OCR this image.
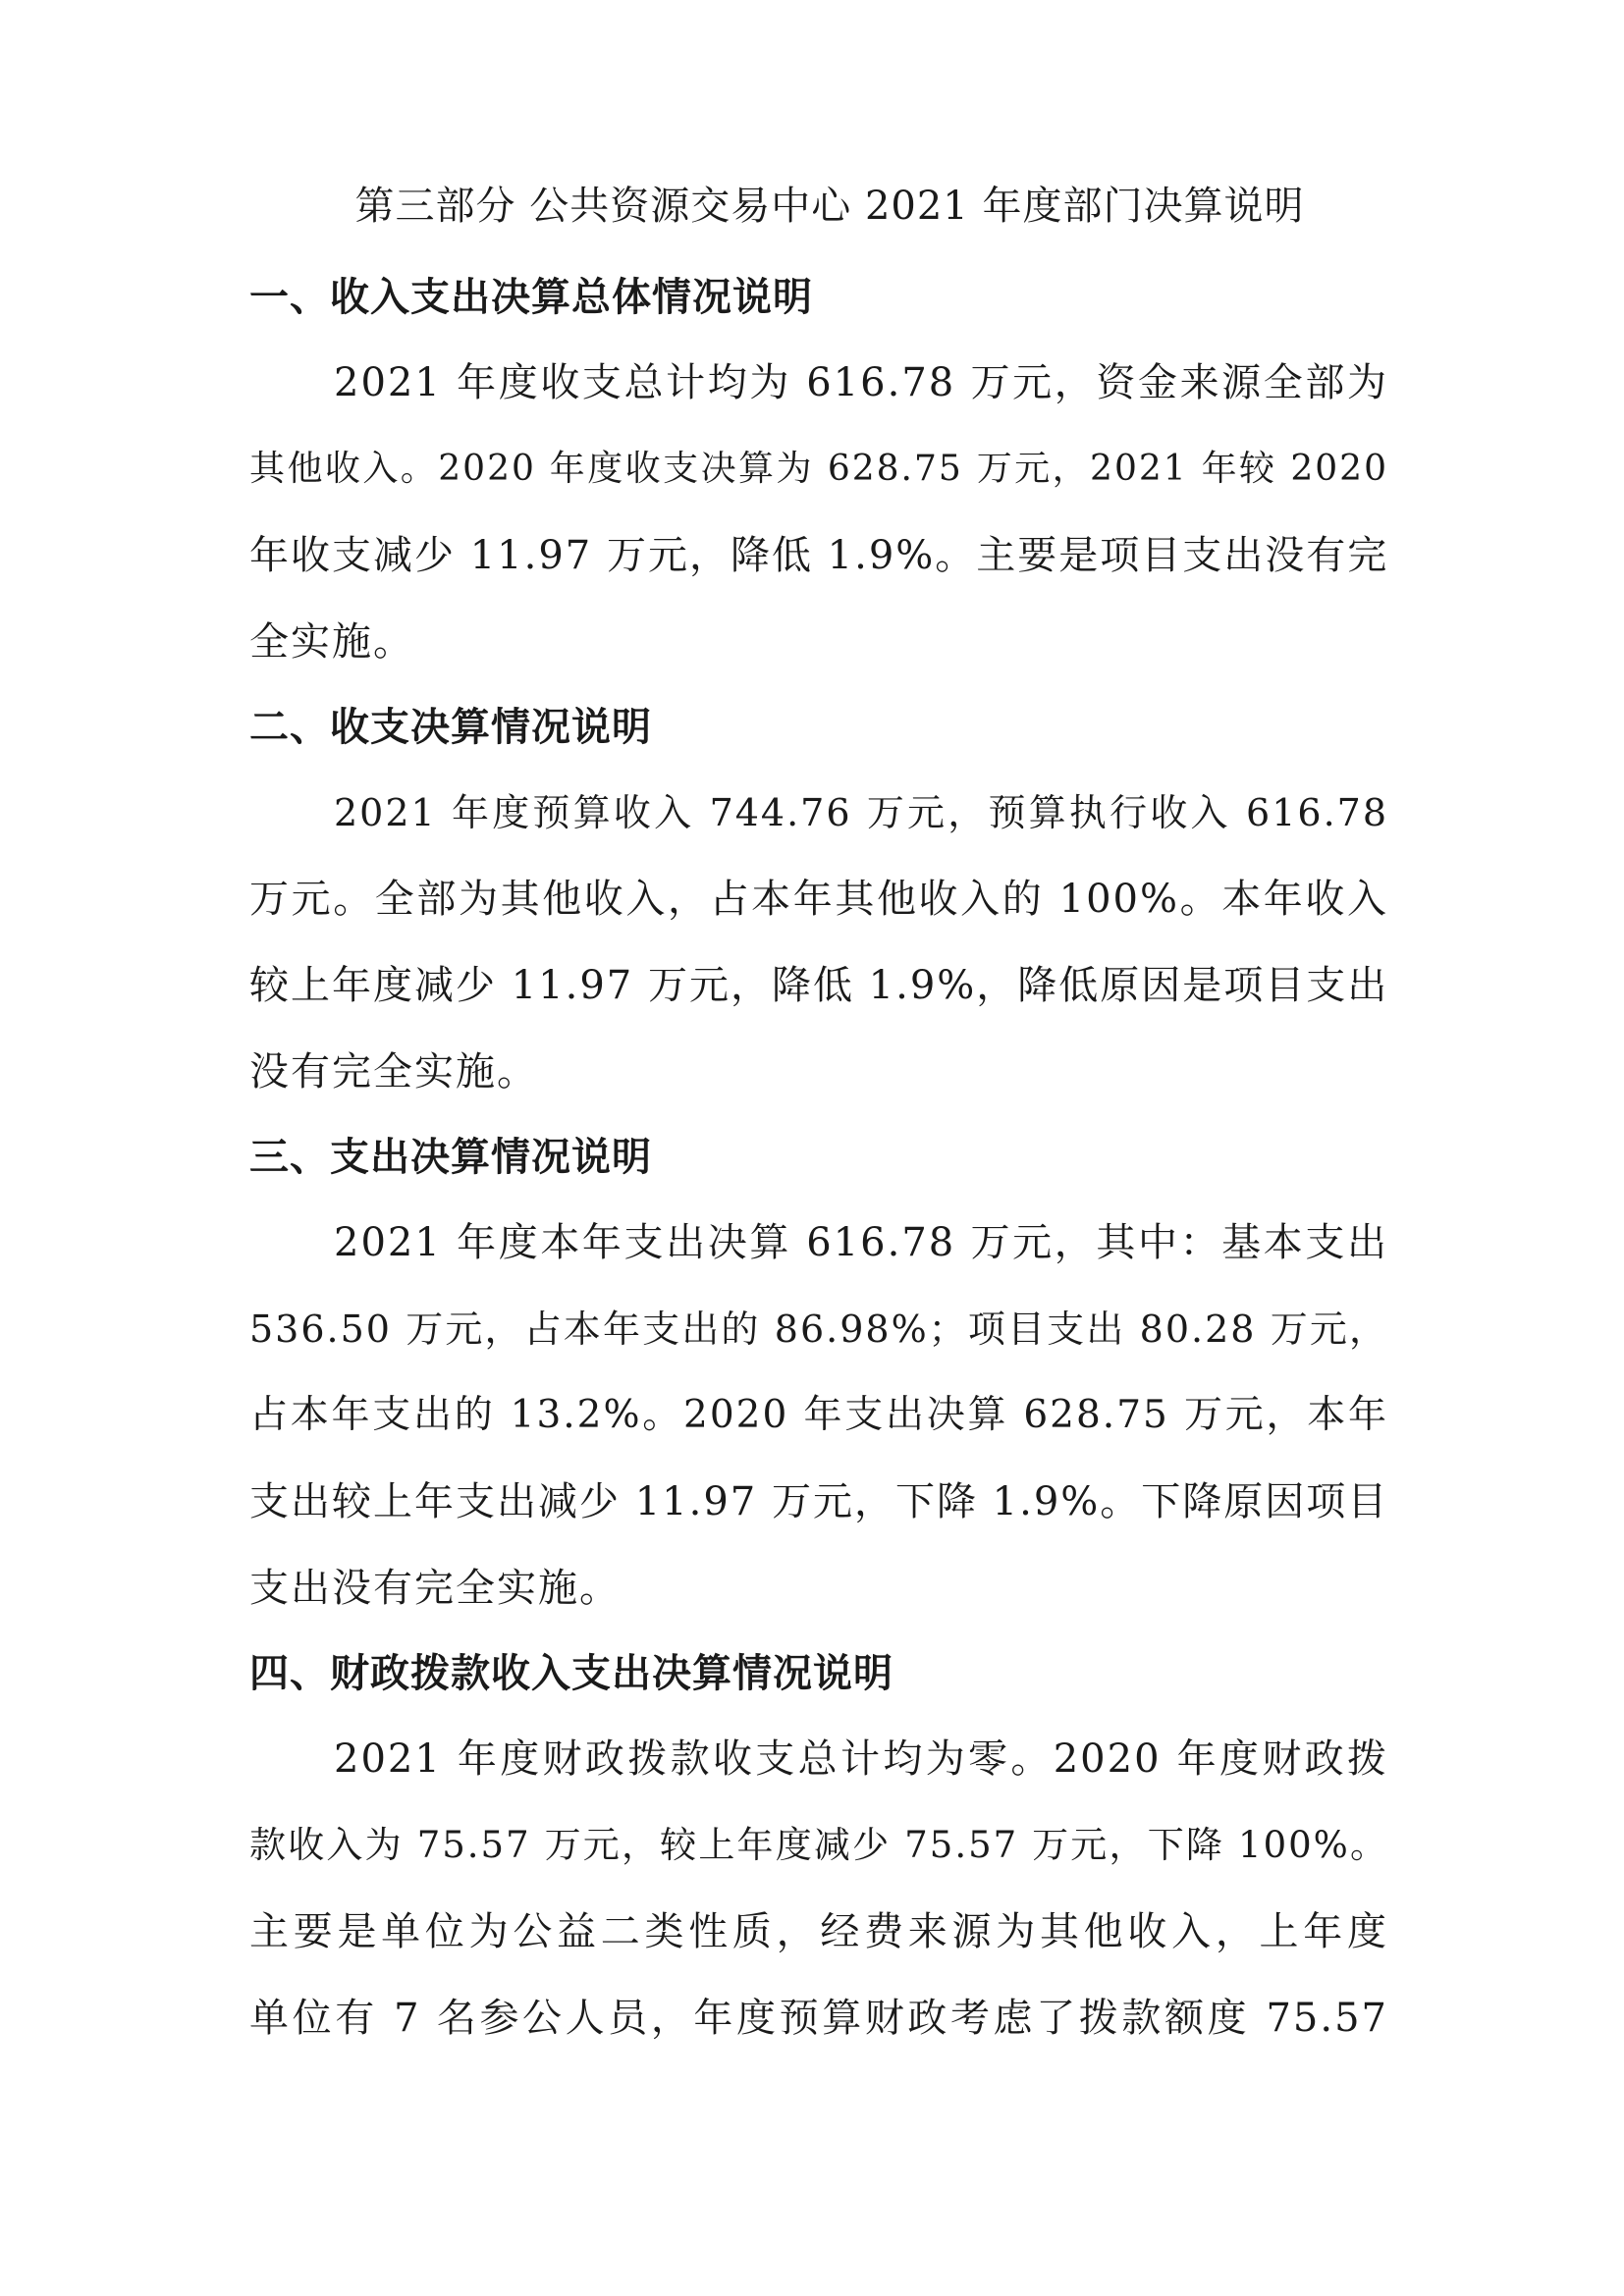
第三部分 公共资源交易中心 2021 年度部门决算说明
一、收入支出决算总体情况说明

2021 年度收支总计均为 616.78 万元，资金来源全部为

其他收入。2020 年度收支决算为 628.75 万元，2021 年较 2020

年收支减少 11.97 万元，降低 1.9%。主要是项目支出没有完

全实施。

二、收支决算情况说明

2021 年度预算收入 744.76 万元，预算执行收入 616.78

万元。全部为其他收入，占本年其他收入的 100%。本年收入

较上年度减少 11.97 万元，降低 1.9%，降低原因是项目支出

没有完全实施。

三、支出决算情况说明

2021 年度本年支出决算 616.78 万元，其中：基本支出

536.50 万元，占本年支出的 86.98%；项目支出 80.28 万元，

占本年支出的 13.2%。2020 年支出决算 628.75 万元，本年

支出较上年支出减少 11.97 万元，下降 1.9%。下降原因项目

支出没有完全实施。

四、财政拨款收入支出决算情况说明

2021 年度财政拨款收支总计均为零。2020 年度财政拨

款收入为 75.57 万元，较上年度减少 75.57 万元，下降 100%。

主要是单位为公益二类性质，经费来源为其他收入，上年度

单位有 7 名参公人员，年度预算财政考虑了拨款额度 75.57
